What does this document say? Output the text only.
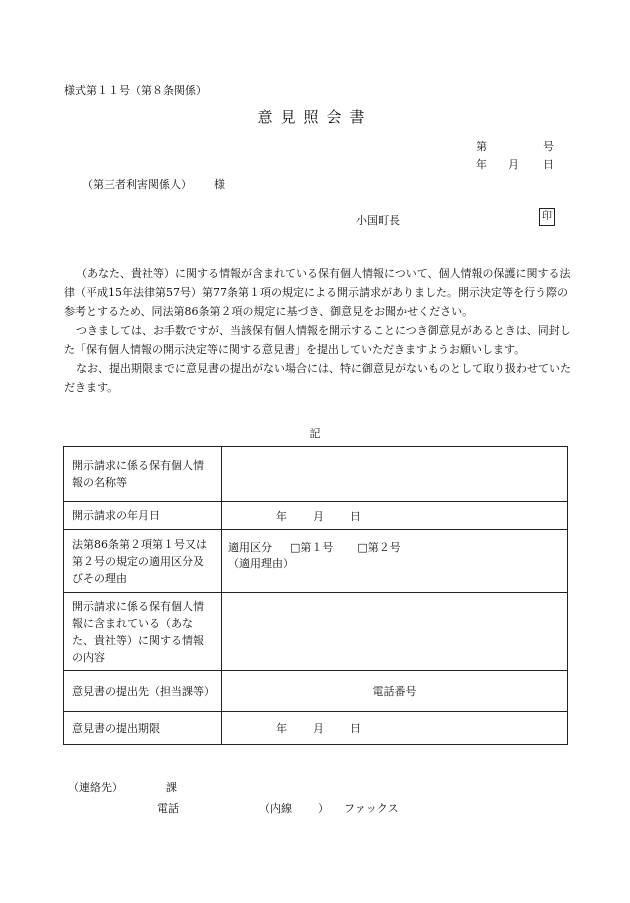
様式第１１号（第８条関係）
意見照会書
第	号
年 月 日
（第三者利害関係人） 様
小国町長	印

（あなた、貴社等）に関する情報が含まれている保有個人情報について、個人情報の保護に関する法律（平成15年法律第57号）第77条第１項の規定による開示請求がありました。開示決定等を行う際の参考とするため、同法第86条第２項の規定に基づき、御意見をお聞かせください。

つきましては、お手数ですが、当該保有個人情報を開示することにつき御意見があるときは、同封した「保有個人情報の開示決定等に関する意見書」を提出していただきますようお願いします。

なお、提出期限までに意見書の提出がない場合には、特に御意見がないものとして取り扱わせていただきます。

記
開示請求に係る保有個人情報の名称等	
開示請求の年月日	年 月 日
法第86条第２項第１号又は第２号の規定の適用区分及びその理由	適用区分 □第１号 □第２号
（適用理由）

開示請求に係る保有個人情報に含まれている（あなた、貴社等）に関する情報の内容	
意見書の提出先（担当課等）	電話番号
意見書の提出期限	年 月 日
（連絡先）	課
電話	（内線 ） ファックス
